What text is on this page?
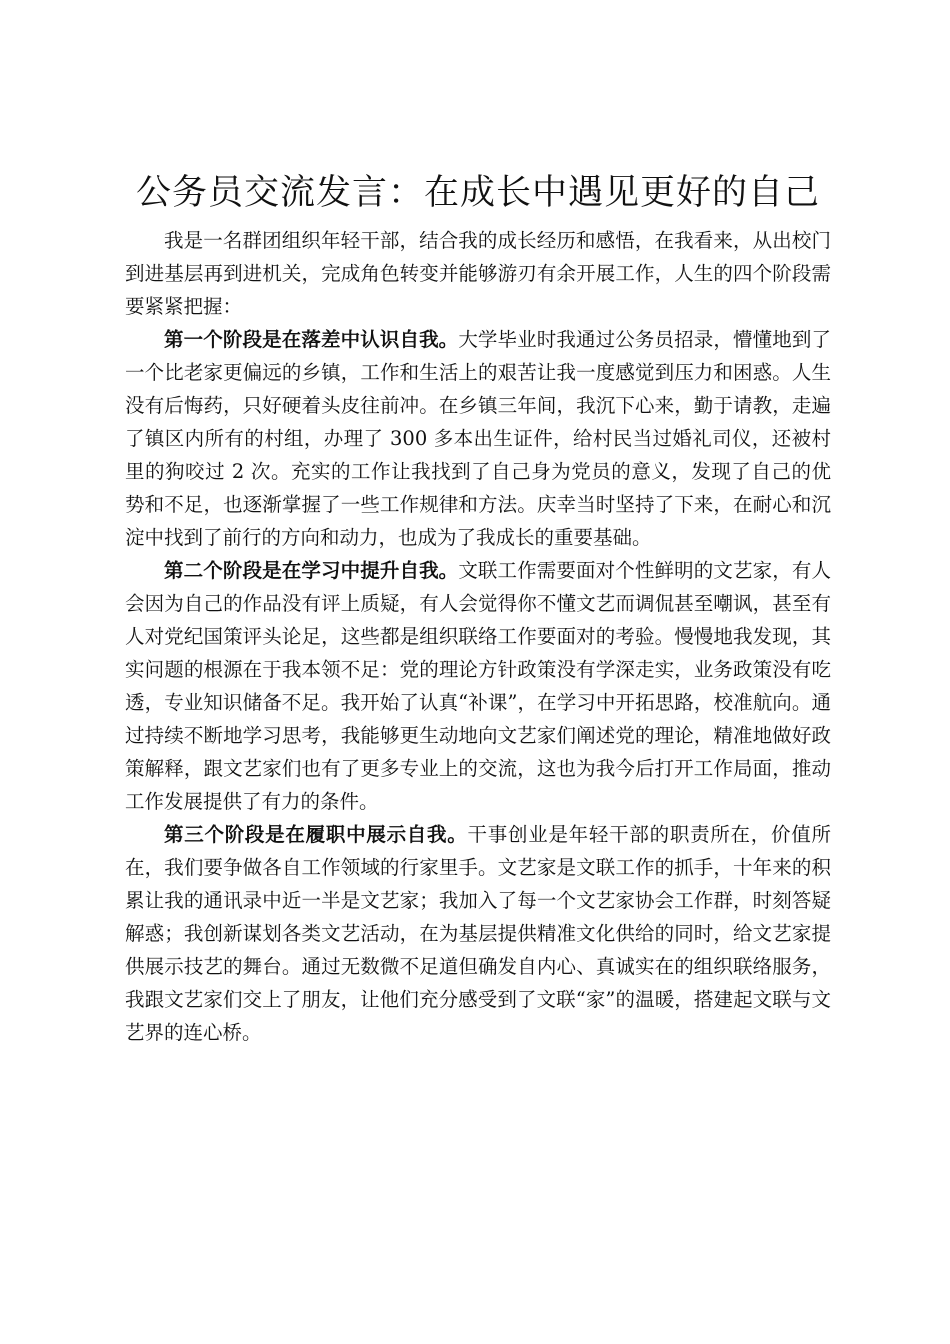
公务员交流发言：在成长中遇见更好的自己

我是一名群团组织年轻干部，结合我的成长经历和感悟，在我看来，从出校门到进基层再到进机关，完成角色转变并能够游刃有余开展工作，人生的四个阶段需要紧紧把握：

第一个阶段是在落差中认识自我。大学毕业时我通过公务员招录，懵懂地到了一个比老家更偏远的乡镇，工作和生活上的艰苦让我一度感觉到压力和困惑。人生没有后悔药，只好硬着头皮往前冲。在乡镇三年间，我沉下心来，勤于请教，走遍了镇区内所有的村组，办理了 300 多本出生证件，给村民当过婚礼司仪，还被村里的狗咬过 2 次。充实的工作让我找到了自己身为党员的意义，发现了自己的优势和不足，也逐渐掌握了一些工作规律和方法。庆幸当时坚持了下来，在耐心和沉淀中找到了前行的方向和动力，也成为了我成长的重要基础。

第二个阶段是在学习中提升自我。文联工作需要面对个性鲜明的文艺家，有人会因为自己的作品没有评上质疑，有人会觉得你不懂文艺而调侃甚至嘲讽，甚至有人对党纪国策评头论足，这些都是组织联络工作要面对的考验。慢慢地我发现，其实问题的根源在于我本领不足：党的理论方针政策没有学深走实，业务政策没有吃透，专业知识储备不足。我开始了认真“补课”，在学习中开拓思路，校准航向。通过持续不断地学习思考，我能够更生动地向文艺家们阐述党的理论，精准地做好政策解释，跟文艺家们也有了更多专业上的交流，这也为我今后打开工作局面，推动工作发展提供了有力的条件。

第三个阶段是在履职中展示自我。干事创业是年轻干部的职责所在，价值所在，我们要争做各自工作领域的行家里手。文艺家是文联工作的抓手，十年来的积累让我的通讯录中近一半是文艺家；我加入了每一个文艺家协会工作群，时刻答疑解惑；我创新谋划各类文艺活动，在为基层提供精准文化供给的同时，给文艺家提供展示技艺的舞台。通过无数微不足道但确发自内心、真诚实在的组织联络服务，我跟文艺家们交上了朋友，让他们充分感受到了文联“家”的温暖，搭建起文联与文艺界的连心桥。
